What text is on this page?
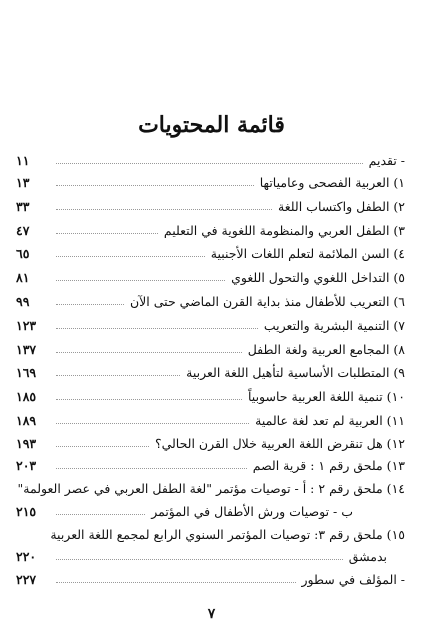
قائمة المحتويات
- تقديم
١١
١) العربية الفصحى وعامياتها
١٣
٢) الطفل واكتساب اللغة
٣٣
٣) الطفل العربي والمنظومة اللغوية في التعليم
٤٧
٤) السن الملائمة لتعلم اللغات الأجنبية
٦٥
٥) التداخل اللغوي والتحول اللغوي
٨١
٦) التعريب للأطفال منذ بداية القرن الماضي حتى الآن
٩٩
٧) التنمية البشرية والتعريب
١٢٣
٨) المجامع العربية ولغة الطفل
١٣٧
٩) المتطلبات الأساسية لتأهيل اللغة العربية
١٦٩
١٠) تنمية اللغة العربية حاسوبياً
١٨٥
١١) العربية لم تعد لغة عالمية
١٨٩
١٢) هل تنقرض اللغة العربية خلال القرن الحالي؟
١٩٣
١٣) ملحق رقم ١ : قرية الصم
٢٠٣
١٤) ملحق رقم ٢ : أ - توصيات مؤتمر "لغة الطفل العربي في عصر العولمة"
ب - توصيات ورش الأطفال في المؤتمر
٢١٥
١٥) ملحق رقم ٣: توصيات المؤتمر السنوي الرابع لمجمع اللغة العربية
بدمشق
٢٢٠
- المؤلف في سطور
٢٢٧
٧
